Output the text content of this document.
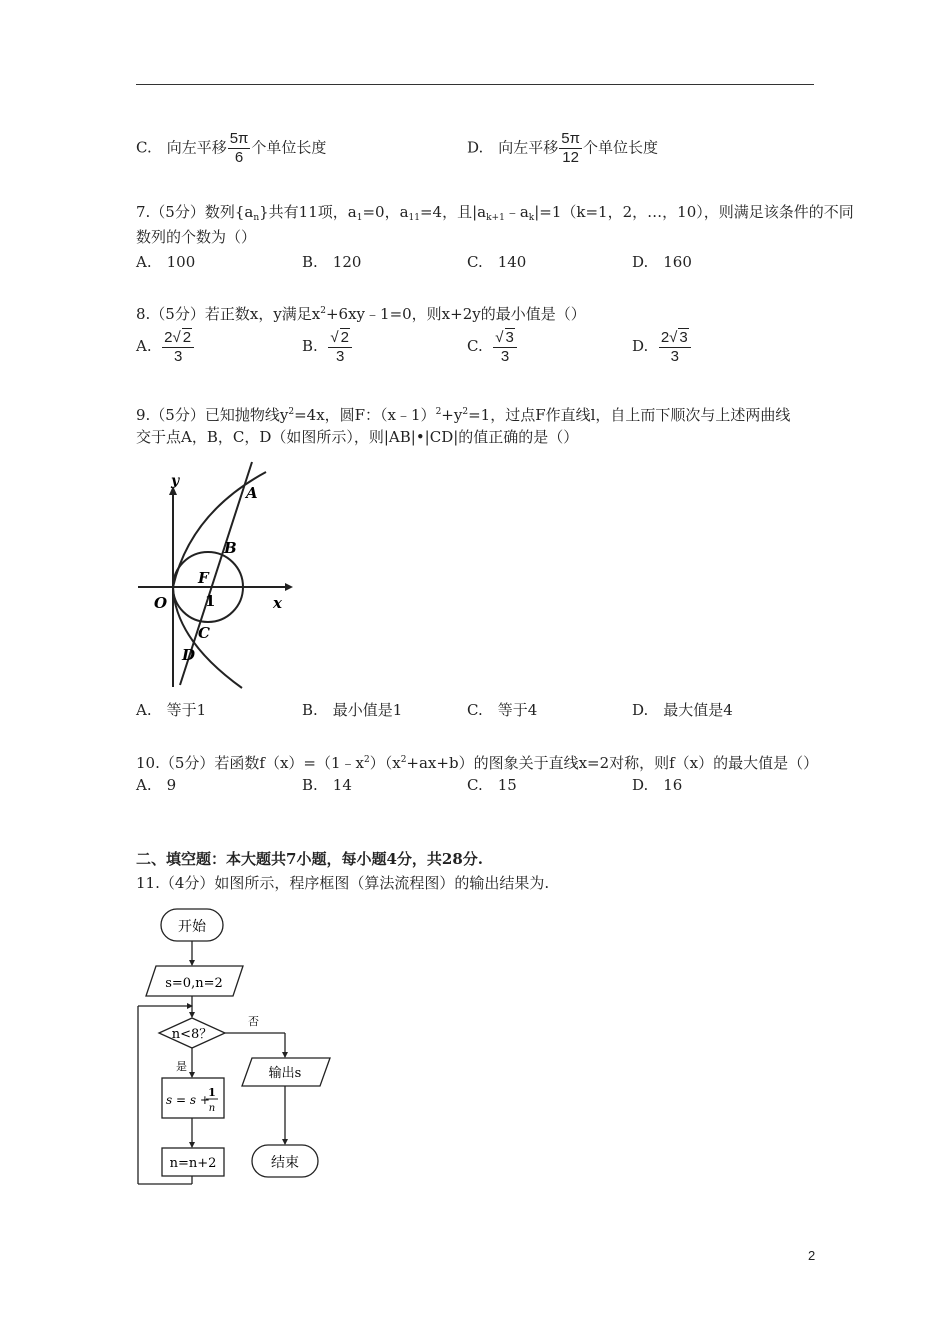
C.　向左平移 $\frac{5\pi}{6}$ 个单位长度	D.　向左平移 $\frac{5\pi}{12}$ 个单位长度
7.（5分）数列$\{a_n\}$共有11项，$a_1=0$，$a_{11}=4$，且$|a_{k+1}﹣a_k|=1(k=1$，2，…，10），则满足该条件的不同
数列的个数为（）
A.　100	B.　120	C.　140	D.　160
8.（5分）若正数x，y满足$x^2+6xy﹣1=0$，则x+2y的最小值是（）
A. $\frac{2√ 2}{3}$	B. $\frac{√ 2}{3}$	C. $\frac{√ 3}{3}$	D. $\frac{2√ 3}{3}$
9.（5分）已知抛物线$y^2=4x$，圆F：$(x﹣1)^2+y^2=1$，过点F作直线l，自上而下顺次与上述两曲线
交于点A，B，C，D（如图所示），则|AB|•|CD|的值正确的是（）
y
x
O
A
B
F
1
C
D
A.　等于1	B.　最小值是1	C.　等于4	D.　最大值是4
10.（5分）若函数$f(x)=(1﹣x^2)(x^2+ax+b)$的图象关于直线x=2对称，则f（x）的最大值是（）
A.　9	B.　14	C.　15	D.　16
二、填空题：本大题共7小题，每小题4分，共28分.
11.（4分）如图所示，程序框图（算法流程图）的输出结果为.
开始
s=0,n=2
n<8？
否
输出s
结束
是
s = s +
1
n
n=n+2
2
